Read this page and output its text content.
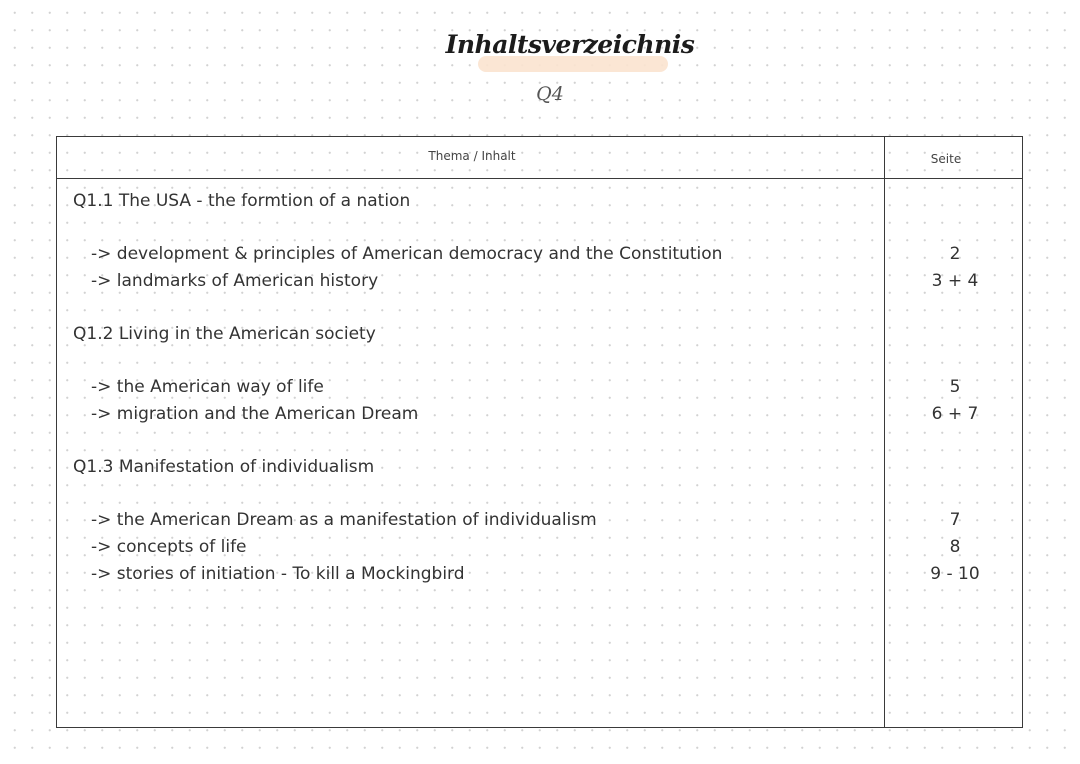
Inhaltsverzeichnis
Q4
Thema / Inhalt	Seite
Q1.1 The USA - the formtion of a nation
-> development & principles of American democracy and the Constitution	2
-> landmarks of American history	3 + 4
Q1.2 Living in the American society
-> the American way of life	5
-> migration and the American Dream	6 + 7
Q1.3 Manifestation of individualism
-> the American Dream as a manifestation of individualism	7
-> concepts of life	8
-> stories of initiation - To kill a Mockingbird	9 - 10
